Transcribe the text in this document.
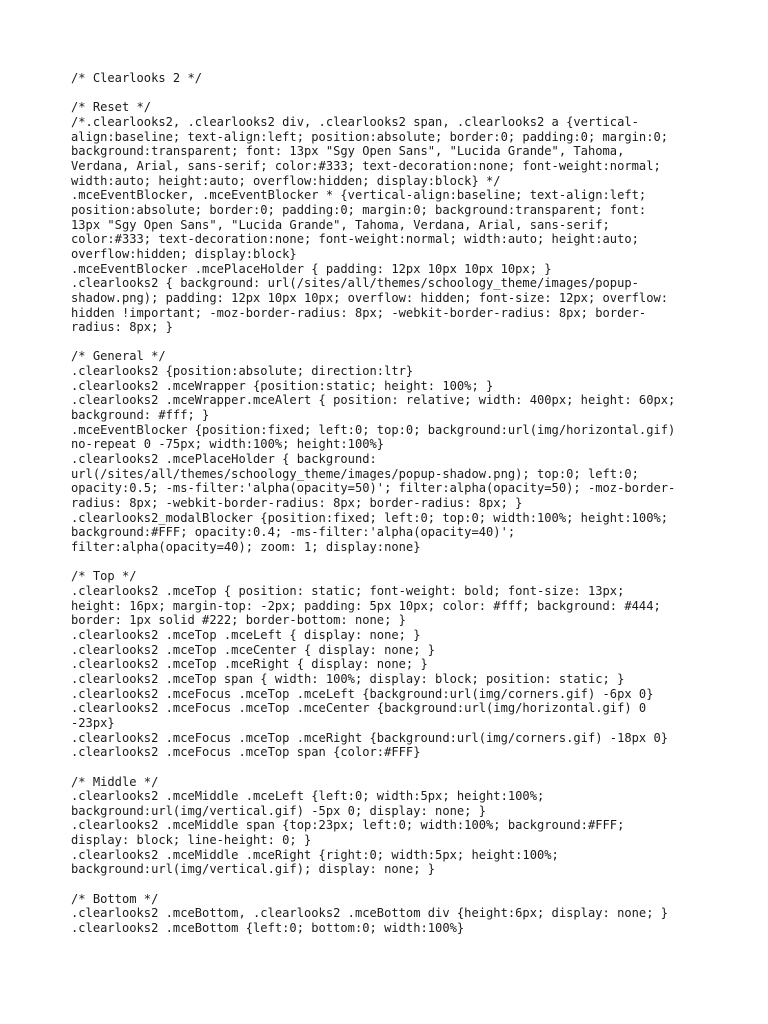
/* Clearlooks 2 */
/* Reset */
/*.clearlooks2, .clearlooks2 div, .clearlooks2 span, .clearlooks2 a {vertical-
align:baseline; text-align:left; position:absolute; border:0; padding:0; margin:0;
background:transparent; font: 13px "Sgy Open Sans", "Lucida Grande", Tahoma,
Verdana, Arial, sans-serif; color:#333; text-decoration:none; font-weight:normal;
width:auto; height:auto; overflow:hidden; display:block} */
.mceEventBlocker, .mceEventBlocker * {vertical-align:baseline; text-align:left;
position:absolute; border:0; padding:0; margin:0; background:transparent; font:
13px "Sgy Open Sans", "Lucida Grande", Tahoma, Verdana, Arial, sans-serif;
color:#333; text-decoration:none; font-weight:normal; width:auto; height:auto;
overflow:hidden; display:block}
.mceEventBlocker .mcePlaceHolder { padding: 12px 10px 10px 10px; }
.clearlooks2 { background: url(/sites/all/themes/schoology_theme/images/popup-
shadow.png); padding: 12px 10px 10px; overflow: hidden; font-size: 12px; overflow:
hidden !important; -moz-border-radius: 8px; -webkit-border-radius: 8px; border-
radius: 8px; }
/* General */
.clearlooks2 {position:absolute; direction:ltr}
.clearlooks2 .mceWrapper {position:static; height: 100%; }
.clearlooks2 .mceWrapper.mceAlert { position: relative; width: 400px; height: 60px;
background: #fff; }
.mceEventBlocker {position:fixed; left:0; top:0; background:url(img/horizontal.gif)
no-repeat 0 -75px; width:100%; height:100%}
.clearlooks2 .mcePlaceHolder { background:
url(/sites/all/themes/schoology_theme/images/popup-shadow.png); top:0; left:0;
opacity:0.5; -ms-filter:'alpha(opacity=50)'; filter:alpha(opacity=50); -moz-border-
radius: 8px; -webkit-border-radius: 8px; border-radius: 8px; }
.clearlooks2_modalBlocker {position:fixed; left:0; top:0; width:100%; height:100%;
background:#FFF; opacity:0.4; -ms-filter:'alpha(opacity=40)';
filter:alpha(opacity=40); zoom: 1; display:none}
/* Top */
.clearlooks2 .mceTop { position: static; font-weight: bold; font-size: 13px;
height: 16px; margin-top: -2px; padding: 5px 10px; color: #fff; background: #444;
border: 1px solid #222; border-bottom: none; }
.clearlooks2 .mceTop .mceLeft { display: none; }
.clearlooks2 .mceTop .mceCenter { display: none; }
.clearlooks2 .mceTop .mceRight { display: none; }
.clearlooks2 .mceTop span { width: 100%; display: block; position: static; }
.clearlooks2 .mceFocus .mceTop .mceLeft {background:url(img/corners.gif) -6px 0}
.clearlooks2 .mceFocus .mceTop .mceCenter {background:url(img/horizontal.gif) 0
-23px}
.clearlooks2 .mceFocus .mceTop .mceRight {background:url(img/corners.gif) -18px 0}
.clearlooks2 .mceFocus .mceTop span {color:#FFF}
/* Middle */
.clearlooks2 .mceMiddle .mceLeft {left:0; width:5px; height:100%;
background:url(img/vertical.gif) -5px 0; display: none; }
.clearlooks2 .mceMiddle span {top:23px; left:0; width:100%; background:#FFF;
display: block; line-height: 0; }
.clearlooks2 .mceMiddle .mceRight {right:0; width:5px; height:100%;
background:url(img/vertical.gif); display: none; }
/* Bottom */
.clearlooks2 .mceBottom, .clearlooks2 .mceBottom div {height:6px; display: none; }
.clearlooks2 .mceBottom {left:0; bottom:0; width:100%}
